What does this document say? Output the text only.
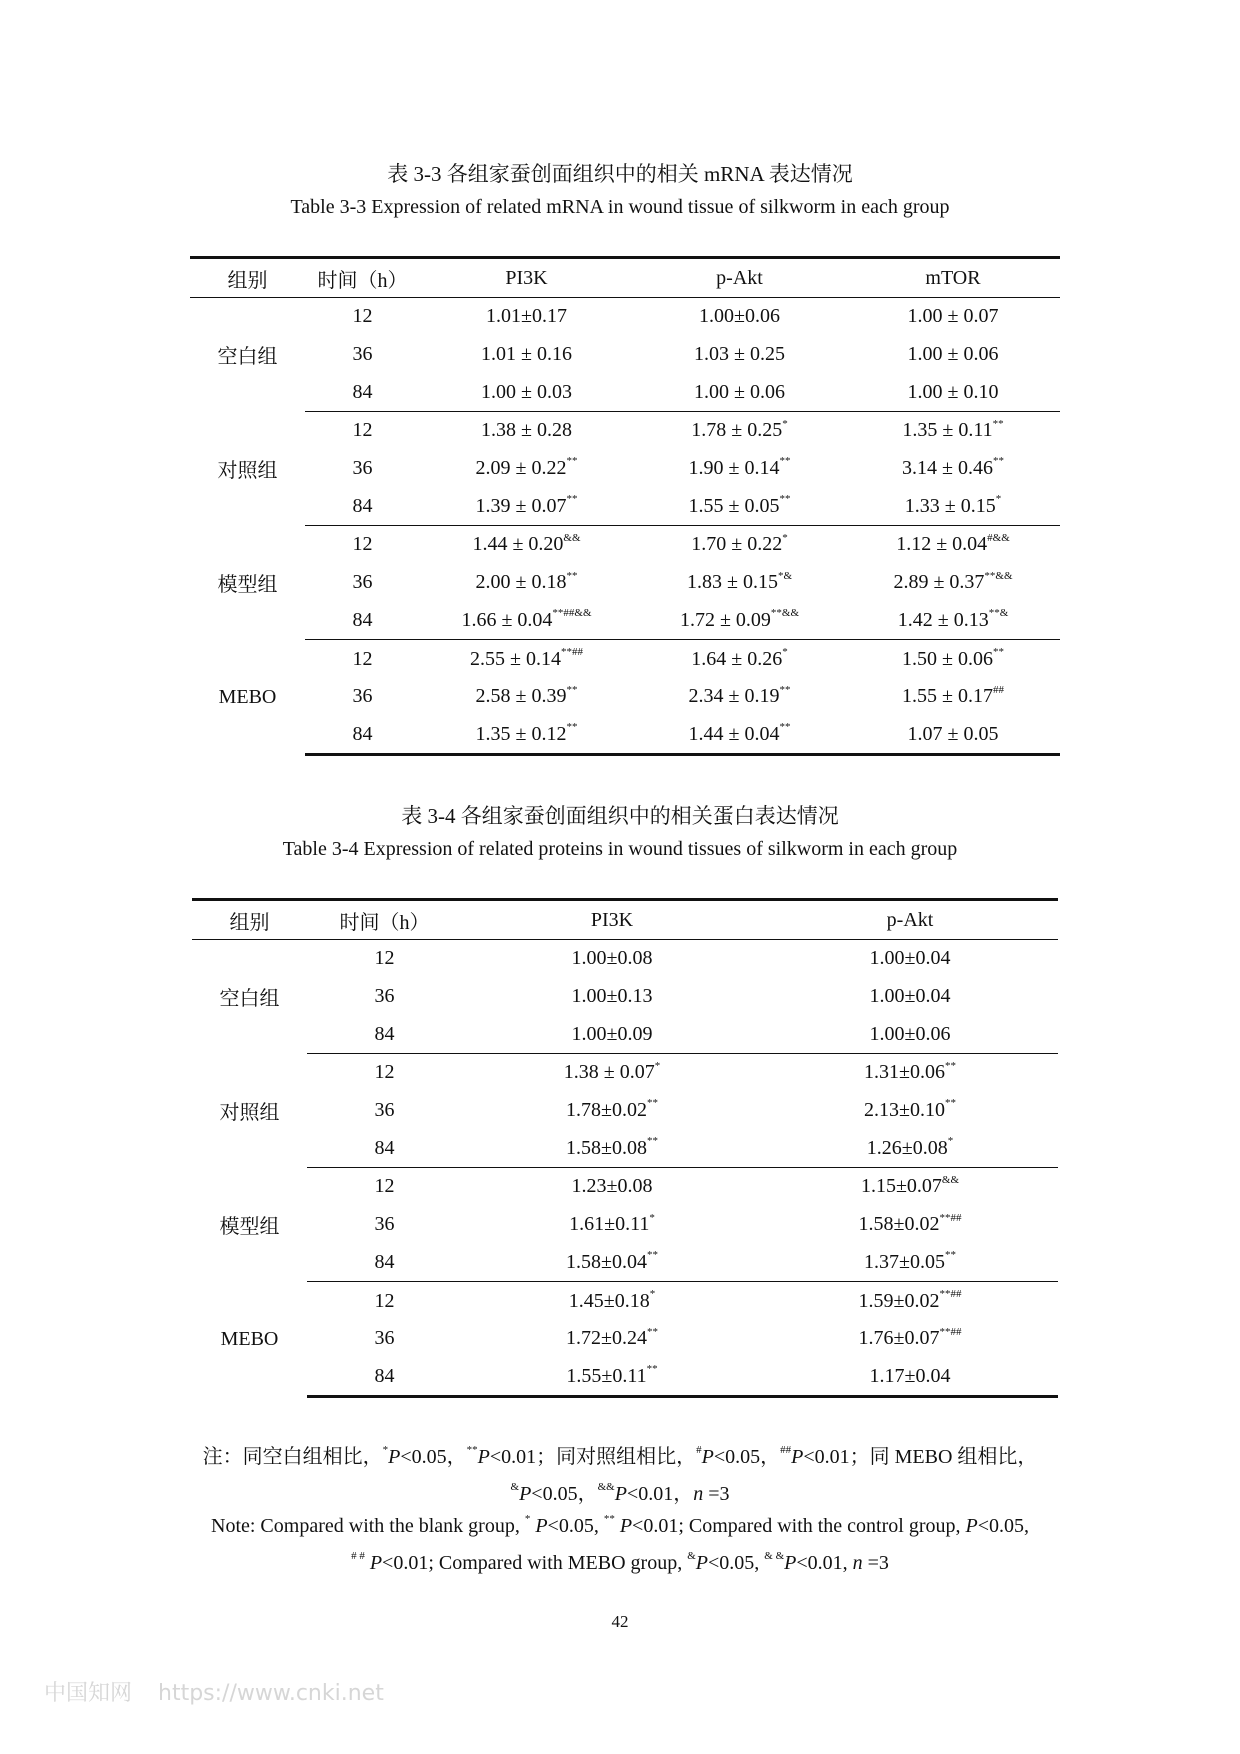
表 3-3 各组家蚕创面组织中的相关 mRNA 表达情况
Table 3-3 Expression of related mRNA in wound tissue of silkworm in each group
组别	时间（h）	PI3K	p-Akt	mTOR
空白组	12	1.01±0.17	1.00±0.06	1.00 ± 0.07
	36	1.01 ± 0.16	1.03 ± 0.25	1.00 ± 0.06
	84	1.00 ± 0.03	1.00 ± 0.06	1.00 ± 0.10
对照组	12	1.38 ± 0.28	1.78 ± 0.25*	1.35 ± 0.11**
	36	2.09 ± 0.22**	1.90 ± 0.14**	3.14 ± 0.46**
	84	1.39 ± 0.07**	1.55 ± 0.05**	1.33 ± 0.15*
模型组	12	1.44 ± 0.20&&	1.70 ± 0.22*	1.12 ± 0.04#&&
	36	2.00 ± 0.18**	1.83 ± 0.15*&	2.89 ± 0.37**&&
	84	1.66 ± 0.04**##&&	1.72 ± 0.09**&&	1.42 ± 0.13**&
MEBO	12	2.55 ± 0.14**##	1.64 ± 0.26*	1.50 ± 0.06**
	36	2.58 ± 0.39**	2.34 ± 0.19**	1.55 ± 0.17##
	84	1.35 ± 0.12**	1.44 ± 0.04**	1.07 ± 0.05
表 3-4 各组家蚕创面组织中的相关蛋白表达情况
Table 3-4 Expression of related proteins in wound tissues of silkworm in each group
组别	时间（h）	PI3K	p-Akt
空白组	12	1.00±0.08	1.00±0.04
	36	1.00±0.13	1.00±0.04
	84	1.00±0.09	1.00±0.06
对照组	12	1.38 ± 0.07*	1.31±0.06**
	36	1.78±0.02**	2.13±0.10**
	84	1.58±0.08**	1.26±0.08*
模型组	12	1.23±0.08	1.15±0.07&&
	36	1.61±0.11*	1.58±0.02**##
	84	1.58±0.04**	1.37±0.05**
MEBO	12	1.45±0.18*	1.59±0.02**##
	36	1.72±0.24**	1.76±0.07**##
	84	1.55±0.11**	1.17±0.04
注：同空白组相比，*P<0.05，**P<0.01；同对照组相比，#P<0.05，##P<0.01；同 MEBO 组相比，
&P<0.05，&&P<0.01，n =3
Note: Compared with the blank group, * P<0.05, ** P<0.01; Compared with the control group, P<0.05,
# # P<0.01; Compared with MEBO group, &P<0.05, & &P<0.01, n =3
42
中国知网 https://www.cnki.net
